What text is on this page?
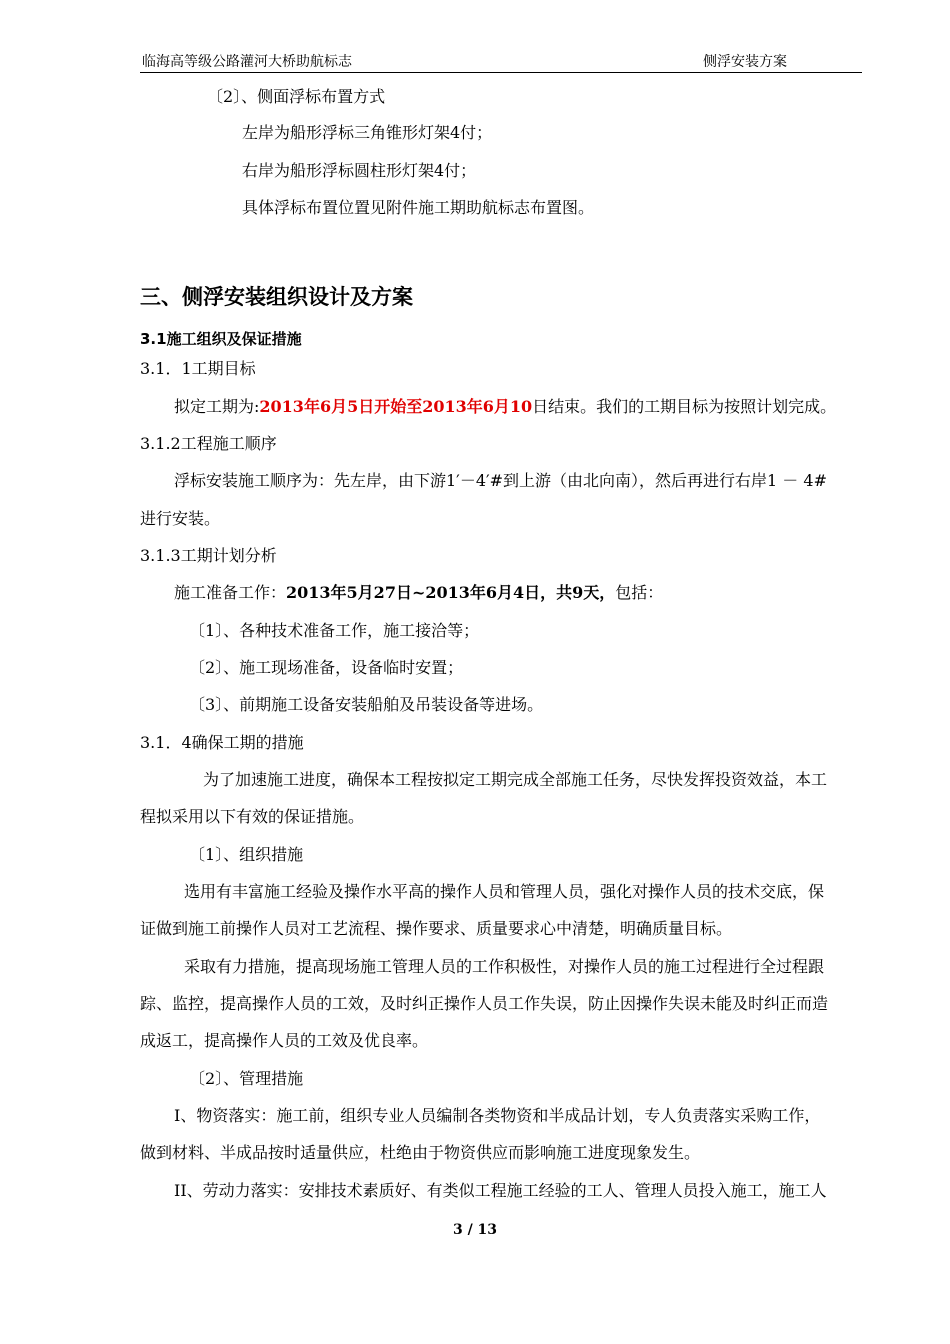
临海高等级公路灌河大桥助航标志	侧浮安装方案
〔2〕、侧面浮标布置方式
左岸为船形浮标三角锥形灯架4付；
右岸为船形浮标圆柱形灯架4付；
具体浮标布置位置见附件施工期助航标志布置图。
三、侧浮安装组织设计及方案
3.1施工组织及保证措施
3.1．1工期目标
拟定工期为:2013年6月5日开始至2013年6月10日结束。我们的工期目标为按照计划完成。
3.1.2工程施工顺序
浮标安装施工顺序为：先左岸，由下游1′－4′#到上游（由北向南），然后再进行右岸1 － 4#
进行安装。
3.1.3工期计划分析
施工准备工作：2013年5月27日~2013年6月4日，共9天，包括：
〔1〕、各种技术准备工作，施工接洽等；
〔2〕、施工现场准备，设备临时安置；
〔3〕、前期施工设备安装船舶及吊装设备等进场。
3.1．4确保工期的措施
为了加速施工进度，确保本工程按拟定工期完成全部施工任务，尽快发挥投资效益，本工
程拟采用以下有效的保证措施。
〔1〕、组织措施
选用有丰富施工经验及操作水平高的操作人员和管理人员，强化对操作人员的技术交底，保
证做到施工前操作人员对工艺流程、操作要求、质量要求心中清楚，明确质量目标。
采取有力措施，提高现场施工管理人员的工作积极性，对操作人员的施工过程进行全过程跟
踪、监控，提高操作人员的工效，及时纠正操作人员工作失误，防止因操作失误未能及时纠正而造
成返工，提高操作人员的工效及优良率。
〔2〕、管理措施
I、物资落实：施工前，组织专业人员编制各类物资和半成品计划，专人负责落实采购工作，
做到材料、半成品按时适量供应，杜绝由于物资供应而影响施工进度现象发生。
II、劳动力落实：安排技术素质好、有类似工程施工经验的工人、管理人员投入施工，施工人
3 / 13
